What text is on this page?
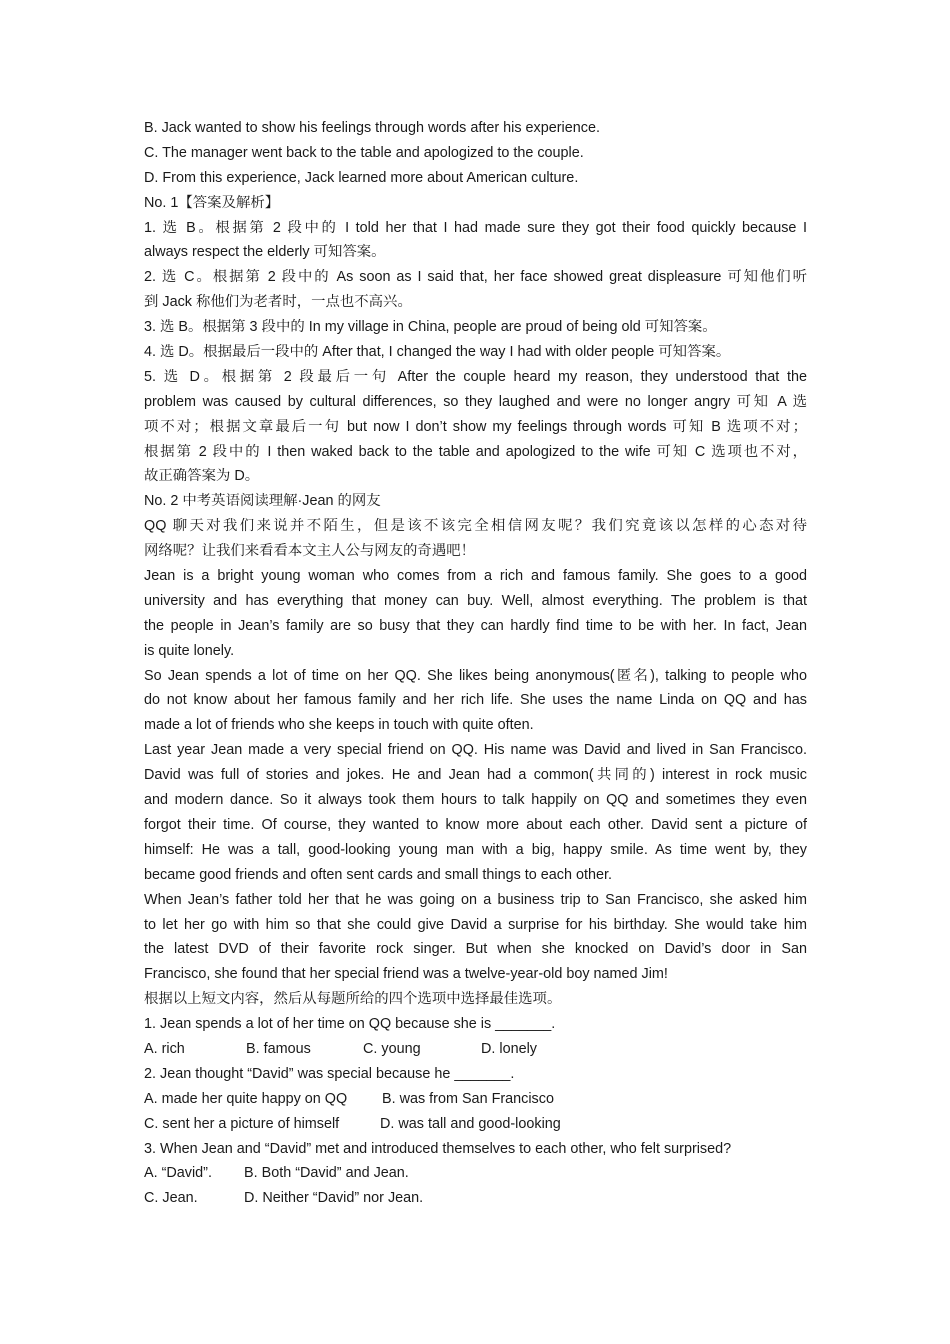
B. Jack wanted to show his feelings through words after his experience.
C. The manager went back to the table and apologized to the couple.
D. From this experience, Jack learned more about American culture.
No. 1【答案及解析】
1. 选 B。根据第 2 段中的 I told her that I had made sure they got their food quickly because I
always respect the elderly 可知答案。
2. 选 C。根据第 2 段中的 As soon as I said that, her face showed great displeasure 可知他们听
到 Jack 称他们为老者时，一点也不高兴。
3. 选 B。根据第 3 段中的 In my village in China, people are proud of being old 可知答案。
4. 选 D。根据最后一段中的 After that, I changed the way I had with older people 可知答案。
5. 选 D。根据第 2 段最后一句 After the couple heard my reason, they understood that the
problem was caused by cultural differences, so they laughed and were no longer angry 可知 A 选
项不对；根据文章最后一句 but now I don’t show my feelings through words 可知 B 选项不对；
根据第 2 段中的 I then waked back to the table and apologized to the wife 可知 C 选项也不对，
故正确答案为 D。
No. 2 中考英语阅读理解·Jean 的网友
QQ 聊天对我们来说并不陌生，但是该不该完全相信网友呢？我们究竟该以怎样的心态对待
网络呢？让我们来看看本文主人公与网友的奇遇吧！
Jean is a bright young woman who comes from a rich and famous family. She goes to a good
university and has everything that money can buy. Well, almost everything. The problem is that
the people in Jean’s family are so busy that they can hardly find time to be with her. In fact, Jean
is quite lonely.
So Jean spends a lot of time on her QQ. She likes being anonymous(匿名), talking to people who
do not know about her famous family and her rich life. She uses the name Linda on QQ and has
made a lot of friends who she keeps in touch with quite often.
Last year Jean made a very special friend on QQ. His name was David and lived in San Francisco.
David was full of stories and jokes. He and Jean had a common(共同的) interest in rock music
and modern dance. So it always took them hours to talk happily on QQ and sometimes they even
forgot their time. Of course, they wanted to know more about each other. David sent a picture of
himself: He was a tall, good-looking young man with a big, happy smile. As time went by, they
became good friends and often sent cards and small things to each other.
When Jean’s father told her that he was going on a business trip to San Francisco, she asked him
to let her go with him so that she could give David a surprise for his birthday. She would take him
the latest DVD of their favorite rock singer. But when she knocked on David’s door in San
Francisco, she found that her special friend was a twelve-year-old boy named Jim!
根据以上短文内容，然后从每题所给的四个选项中选择最佳选项。
1. Jean spends a lot of her time on QQ because she is _______.
A. rich	B. famous	C. young	D. lonely
2. Jean thought “David” was special because he _______.
A. made her quite happy on QQ	B. was from San Francisco
C. sent her a picture of himself	D. was tall and good-looking
3. When Jean and “David” met and introduced themselves to each other, who felt surprised?
A. “David”.	B. Both “David” and Jean.
C. Jean.	D. Neither “David” nor Jean.
